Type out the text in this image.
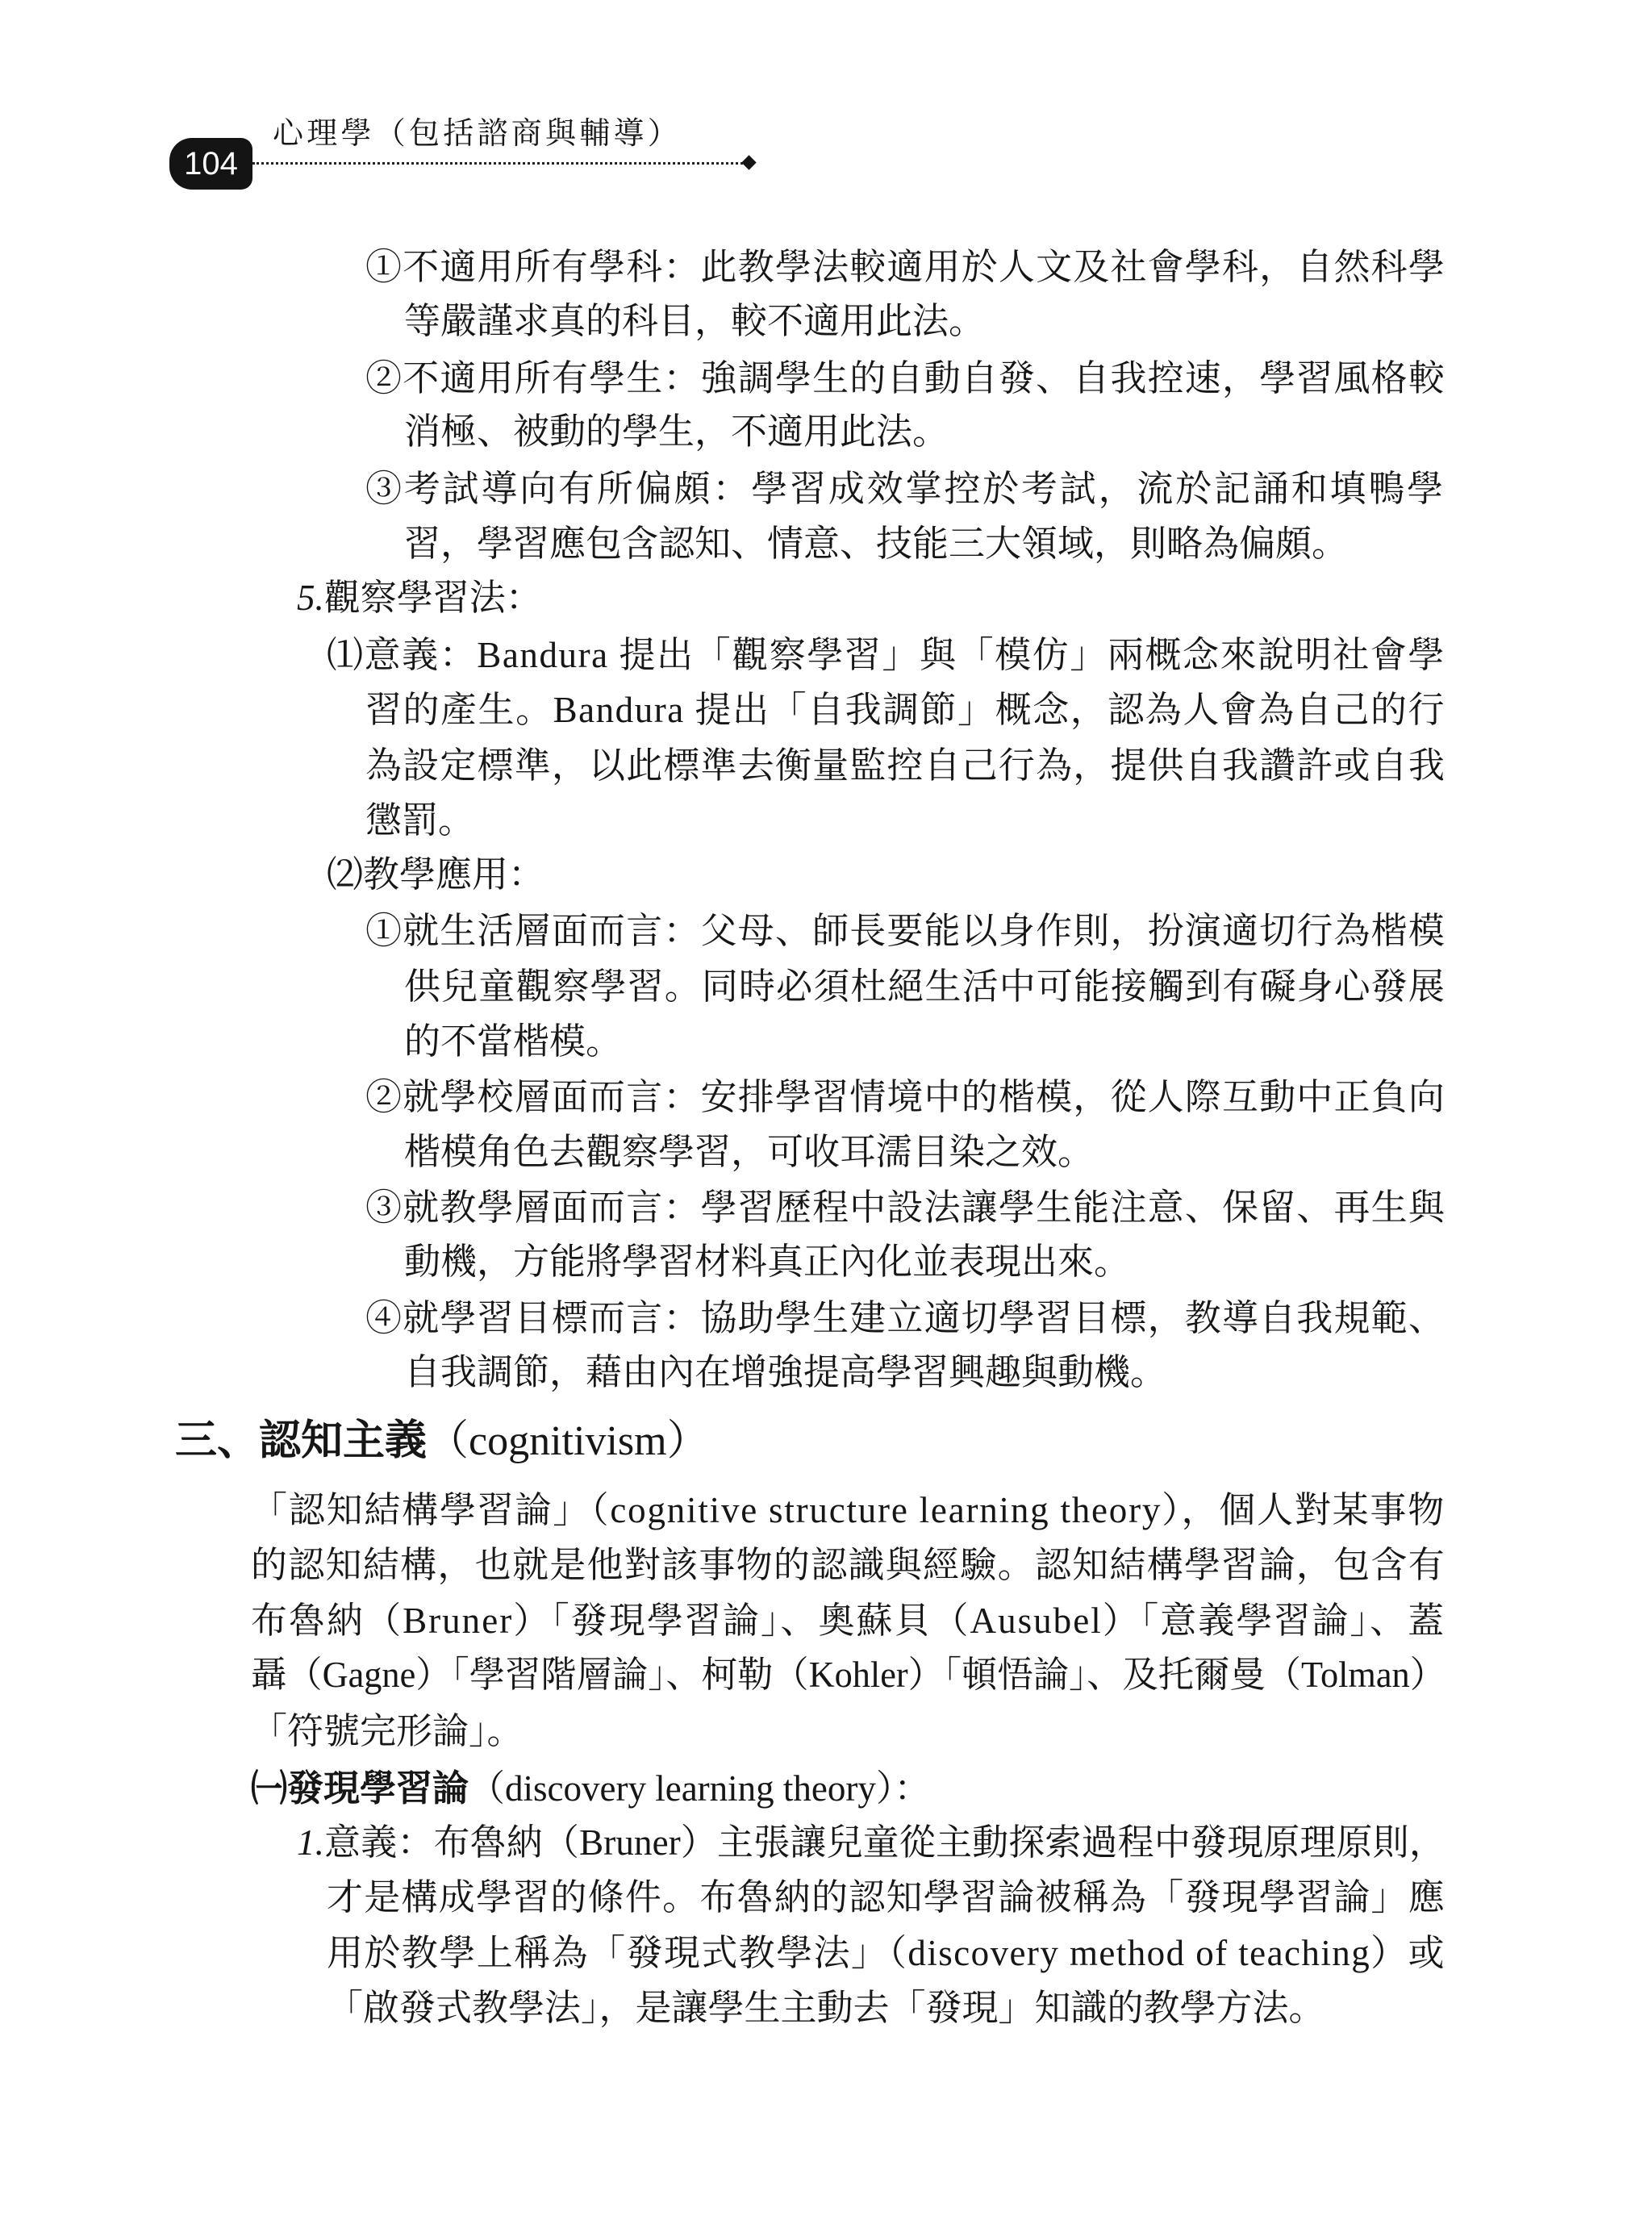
104
心理學（包括諮商與輔導）
①不適用所有學科：此教學法較適用於人文及社會學科，自然科學
等嚴謹求真的科目，較不適用此法。
②不適用所有學生：強調學生的自動自發、自我控速，學習風格較
消極、被動的學生，不適用此法。
③考試導向有所偏頗：學習成效掌控於考試，流於記誦和填鴨學
習，學習應包含認知、情意、技能三大領域，則略為偏頗。
5.觀察學習法：
⑴意義：Bandura 提出「觀察學習」與「模仿」兩概念來說明社會學
習的產生。Bandura 提出「自我調節」概念，認為人會為自己的行
為設定標準，以此標準去衡量監控自己行為，提供自我讚許或自我
懲罰。
⑵教學應用：
①就生活層面而言：父母、師長要能以身作則，扮演適切行為楷模
供兒童觀察學習。同時必須杜絕生活中可能接觸到有礙身心發展
的不當楷模。
②就學校層面而言：安排學習情境中的楷模，從人際互動中正負向
楷模角色去觀察學習，可收耳濡目染之效。
③就教學層面而言：學習歷程中設法讓學生能注意、保留、再生與
動機，方能將學習材料真正內化並表現出來。
④就學習目標而言：協助學生建立適切學習目標，教導自我規範、
自我調節，藉由內在增強提高學習興趣與動機。
三、認知主義（cognitivism）
「認知結構學習論」（cognitive structure learning theory），個人對某事物
的認知結構，也就是他對該事物的認識與經驗。認知結構學習論，包含有
布魯納（Bruner）「發現學習論」、奧蘇貝（Ausubel）「意義學習論」、蓋
聶（Gagne）「學習階層論」、柯勒（Kohler）「頓悟論」、及托爾曼（Tolman）
「符號完形論」。
㈠發現學習論（discovery learning theory）：
1.意義：布魯納（Bruner）主張讓兒童從主動探索過程中發現原理原則，
才是構成學習的條件。布魯納的認知學習論被稱為「發現學習論」應
用於教學上稱為「發現式教學法」（discovery method of teaching）或
「啟發式教學法」，是讓學生主動去「發現」知識的教學方法。
